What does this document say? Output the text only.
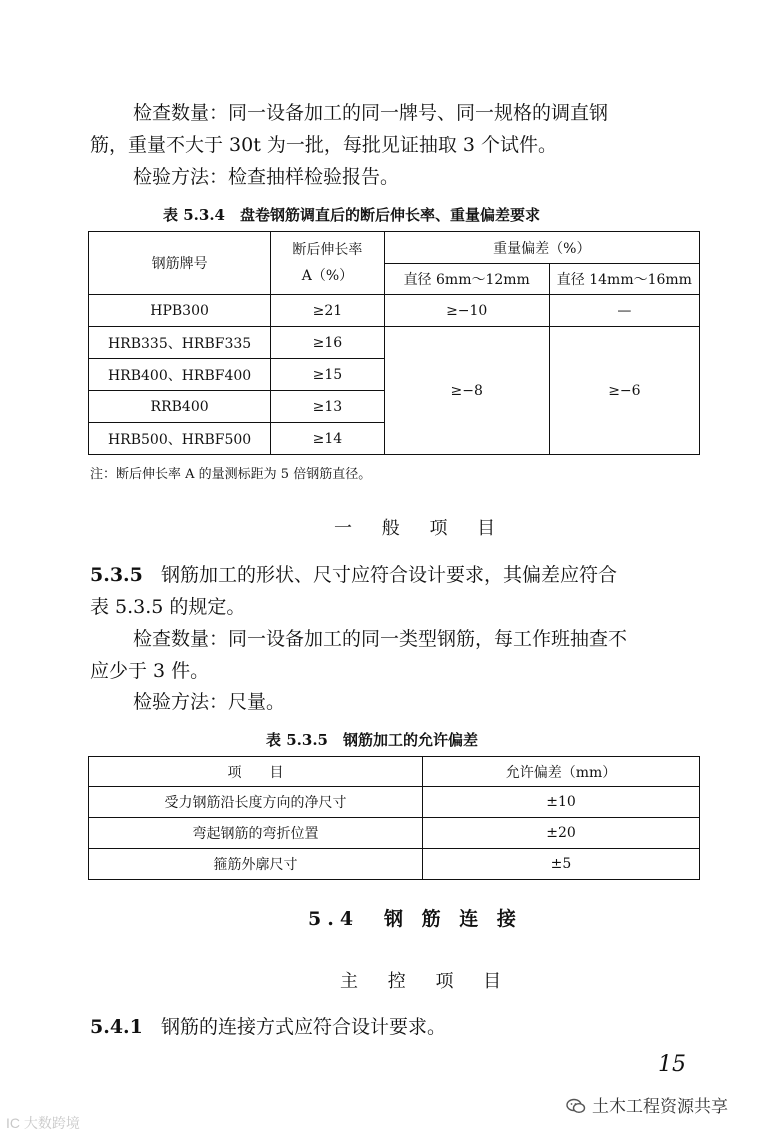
检查数量：同一设备加工的同一牌号、同一规格的调直钢
筋，重量不大于 30t 为一批，每批见证抽取 3 个试件。
检验方法：检查抽样检验报告。
表 5.3.4　盘卷钢筋调直后的断后伸长率、重量偏差要求
钢筋牌号	断后伸长率
A（%）	重量偏差（%）	
		直径 6mm～12mm	直径 14mm～16mm
HPB300	≥21	≥−10	—
HRB335、HRBF335	≥16	≥−8	≥−6
HRB400、HRBF400	≥15		
RRB400	≥13		
HRB500、HRBF500	≥14		
注：断后伸长率 A 的量测标距为 5 倍钢筋直径。
一 般 项 目
5.3.5 钢筋加工的形状、尺寸应符合设计要求，其偏差应符合
表 5.3.5 的规定。
检查数量：同一设备加工的同一类型钢筋，每工作班抽查不
应少于 3 件。
检验方法：尺量。
表 5.3.5　钢筋加工的允许偏差
项　　目	允许偏差（mm）
受力钢筋沿长度方向的净尺寸	±10
弯起钢筋的弯折位置	±20
箍筋外廓尺寸	±5
5.4　钢 筋 连 接
主 控 项 目
5.4.1 钢筋的连接方式应符合设计要求。
15
IC 大数跨境
土木工程资源共享
